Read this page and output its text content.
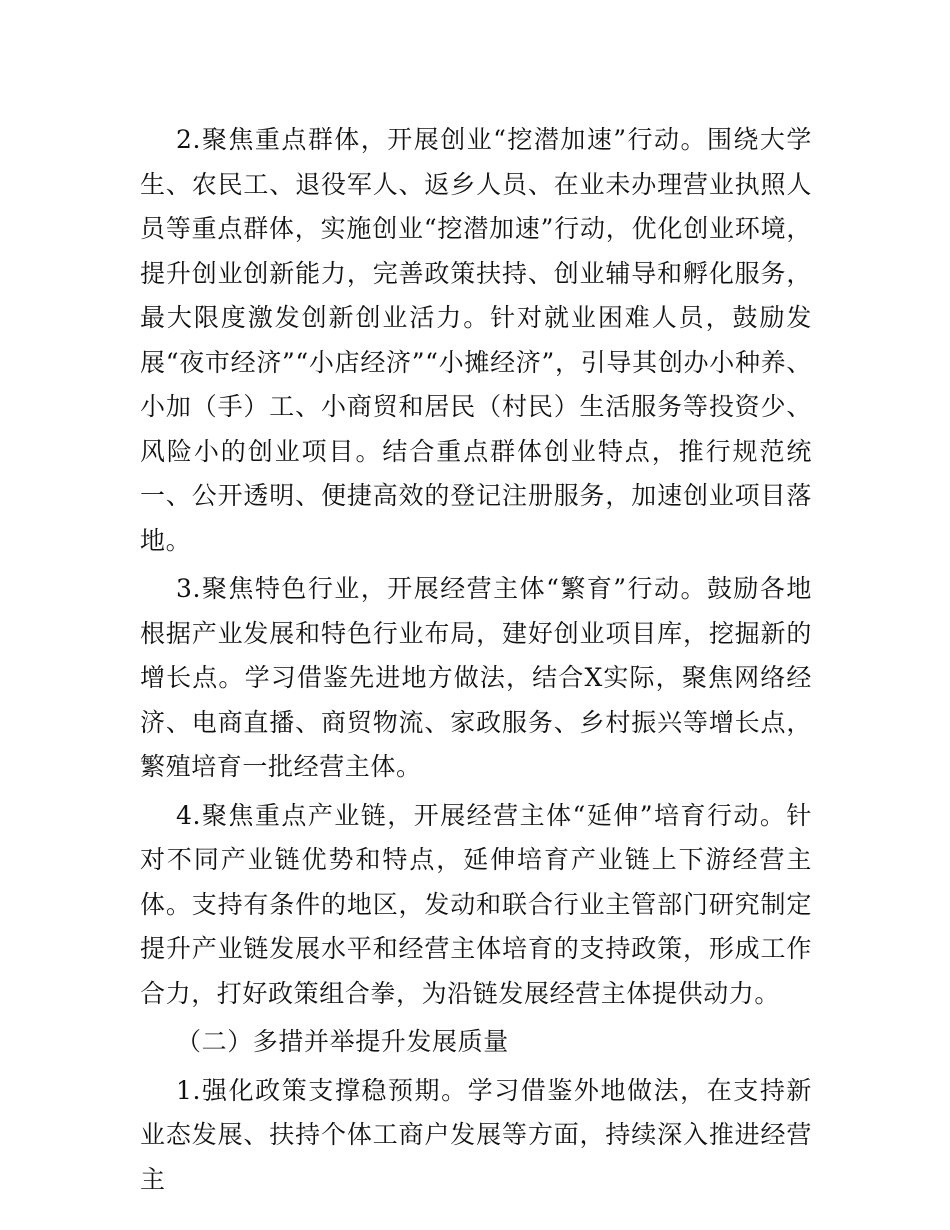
2.聚焦重点群体，开展创业“挖潜加速”行动。围绕大学生、农民工、退役军人、返乡人员、在业未办理营业执照人员等重点群体，实施创业“挖潜加速”行动，优化创业环境，提升创业创新能力，完善政策扶持、创业辅导和孵化服务，最大限度激发创新创业活力。针对就业困难人员，鼓励发展“夜市经济”“小店经济”“小摊经济”，引导其创办小种养、小加（手）工、小商贸和居民（村民）生活服务等投资少、风险小的创业项目。结合重点群体创业特点，推行规范统一、公开透明、便捷高效的登记注册服务，加速创业项目落地。

3.聚焦特色行业，开展经营主体“繁育”行动。鼓励各地根据产业发展和特色行业布局，建好创业项目库，挖掘新的增长点。学习借鉴先进地方做法，结合X实际，聚焦网络经济、电商直播、商贸物流、家政服务、乡村振兴等增长点，繁殖培育一批经营主体。

4.聚焦重点产业链，开展经营主体“延伸”培育行动。针对不同产业链优势和特点，延伸培育产业链上下游经营主体。支持有条件的地区，发动和联合行业主管部门研究制定提升产业链发展水平和经营主体培育的支持政策，形成工作合力，打好政策组合拳，为沿链发展经营主体提供动力。

（二）多措并举提升发展质量

1.强化政策支撑稳预期。学习借鉴外地做法，在支持新业态发展、扶持个体工商户发展等方面，持续深入推进经营主
